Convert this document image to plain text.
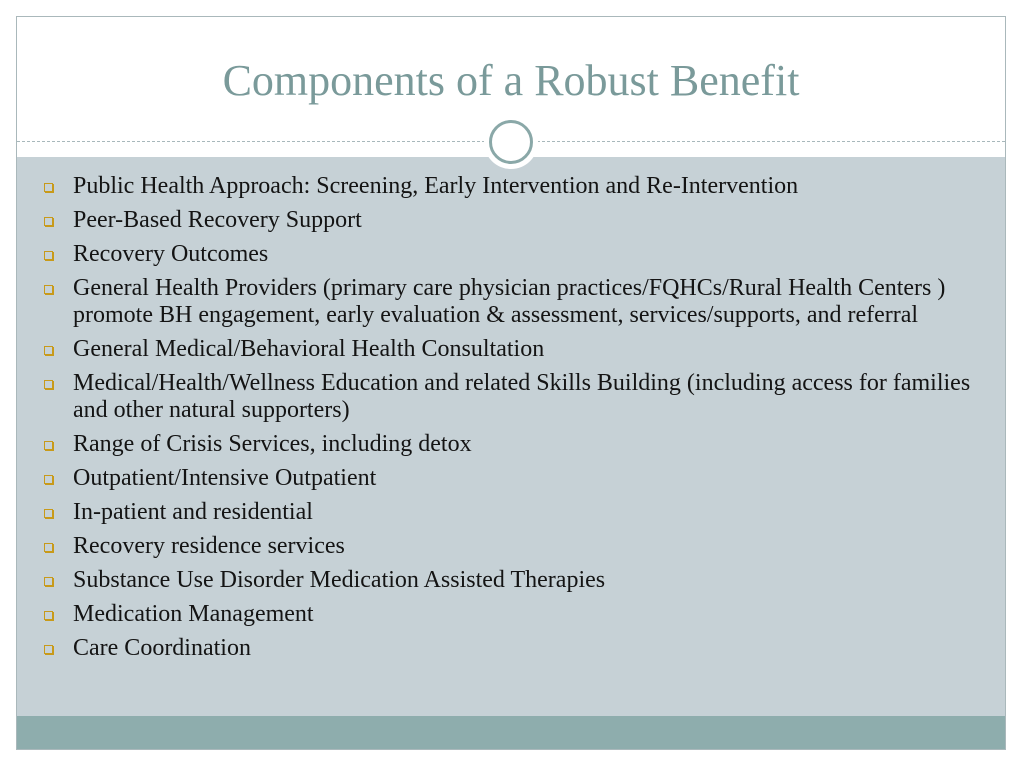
Components of a Robust Benefit
Public Health Approach: Screening, Early Intervention and Re-Intervention
Peer-Based Recovery Support
Recovery Outcomes
General Health Providers (primary care physician practices/FQHCs/Rural Health Centers ) promote BH engagement, early evaluation & assessment, services/supports, and referral
General Medical/Behavioral Health Consultation
Medical/Health/Wellness Education and related Skills Building (including access for families and other natural supporters)
Range of Crisis Services, including detox
Outpatient/Intensive Outpatient
In-patient and residential
Recovery residence services
Substance Use Disorder Medication Assisted Therapies
Medication Management
Care Coordination
